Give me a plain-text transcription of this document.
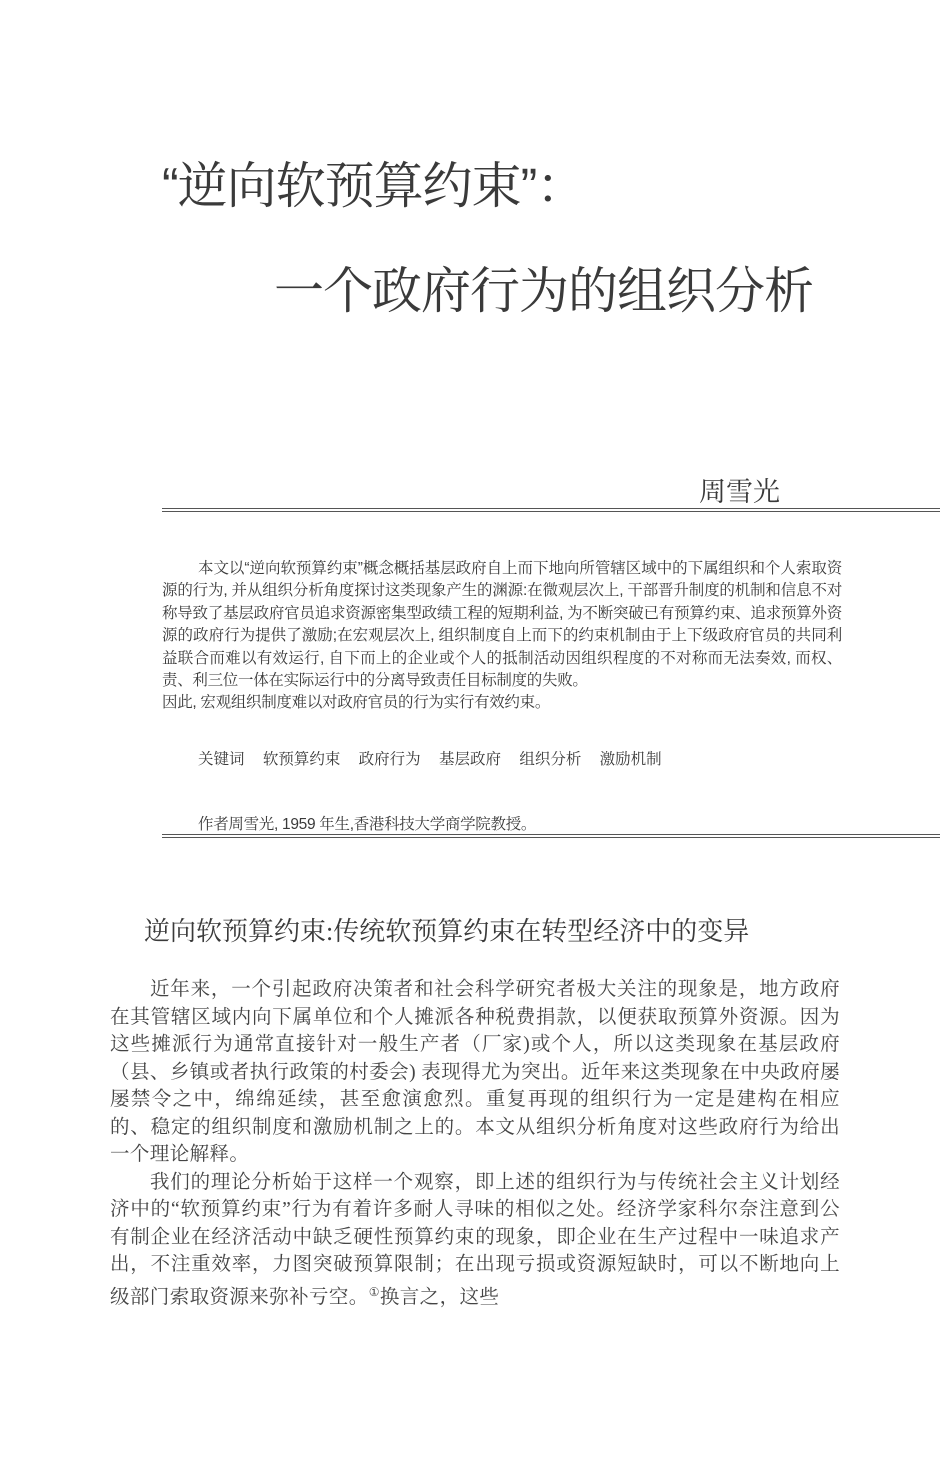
“逆向软预算约束”：
一个政府行为的组织分析
周雪光

本文以“逆向软预算约束”概念概括基层政府自上而下地向所管辖区域中的下属组织和个人索取资源的行为, 并从组织分析角度探讨这类现象产生的渊源:在微观层次上, 干部晋升制度的机制和信息不对称导致了基层政府官员追求资源密集型政绩工程的短期利益, 为不断突破已有预算约束、追求预算外资源的政府行为提供了激励;在宏观层次上, 组织制度自上而下的约束机制由于上下级政府官员的共同利益联合而难以有效运行, 自下而上的企业或个人的抵制活动因组织程度的不对称而无法奏效, 而权、责、利三位一体在实际运行中的分离导致责任目标制度的失败。

因此, 宏观组织制度难以对政府官员的行为实行有效约束。

关键词 软预算约束 政府行为 基层政府 组织分析 激励机制
作者周雪光, 1959 年生,香港科技大学商学院教授。
逆向软预算约束:传统软预算约束在转型经济中的变异

近年来，一个引起政府决策者和社会科学研究者极大关注的现象是，地方政府在其管辖区域内向下属单位和个人摊派各种税费捐款，以便获取预算外资源。因为这些摊派行为通常直接针对一般生产者（厂家)或个人，所以这类现象在基层政府（县、乡镇或者执行政策的村委会) 表现得尤为突出。近年来这类现象在中央政府屡屡禁令之中，绵绵延续，甚至愈演愈烈。重复再现的组织行为一定是建构在相应的、稳定的组织制度和激励机制之上的。本文从组织分析角度对这些政府行为给出一个理论解释。

我们的理论分析始于这样一个观察，即上述的组织行为与传统社会主义计划经济中的“软预算约束”行为有着许多耐人寻味的相似之处。经济学家科尔奈注意到公有制企业在经济活动中缺乏硬性预算约束的现象，即企业在生产过程中一味追求产出，不注重效率，力图突破预算限制；在出现亏损或资源短缺时，可以不断地向上级部门索取资源来弥补亏空。①换言之，这些
